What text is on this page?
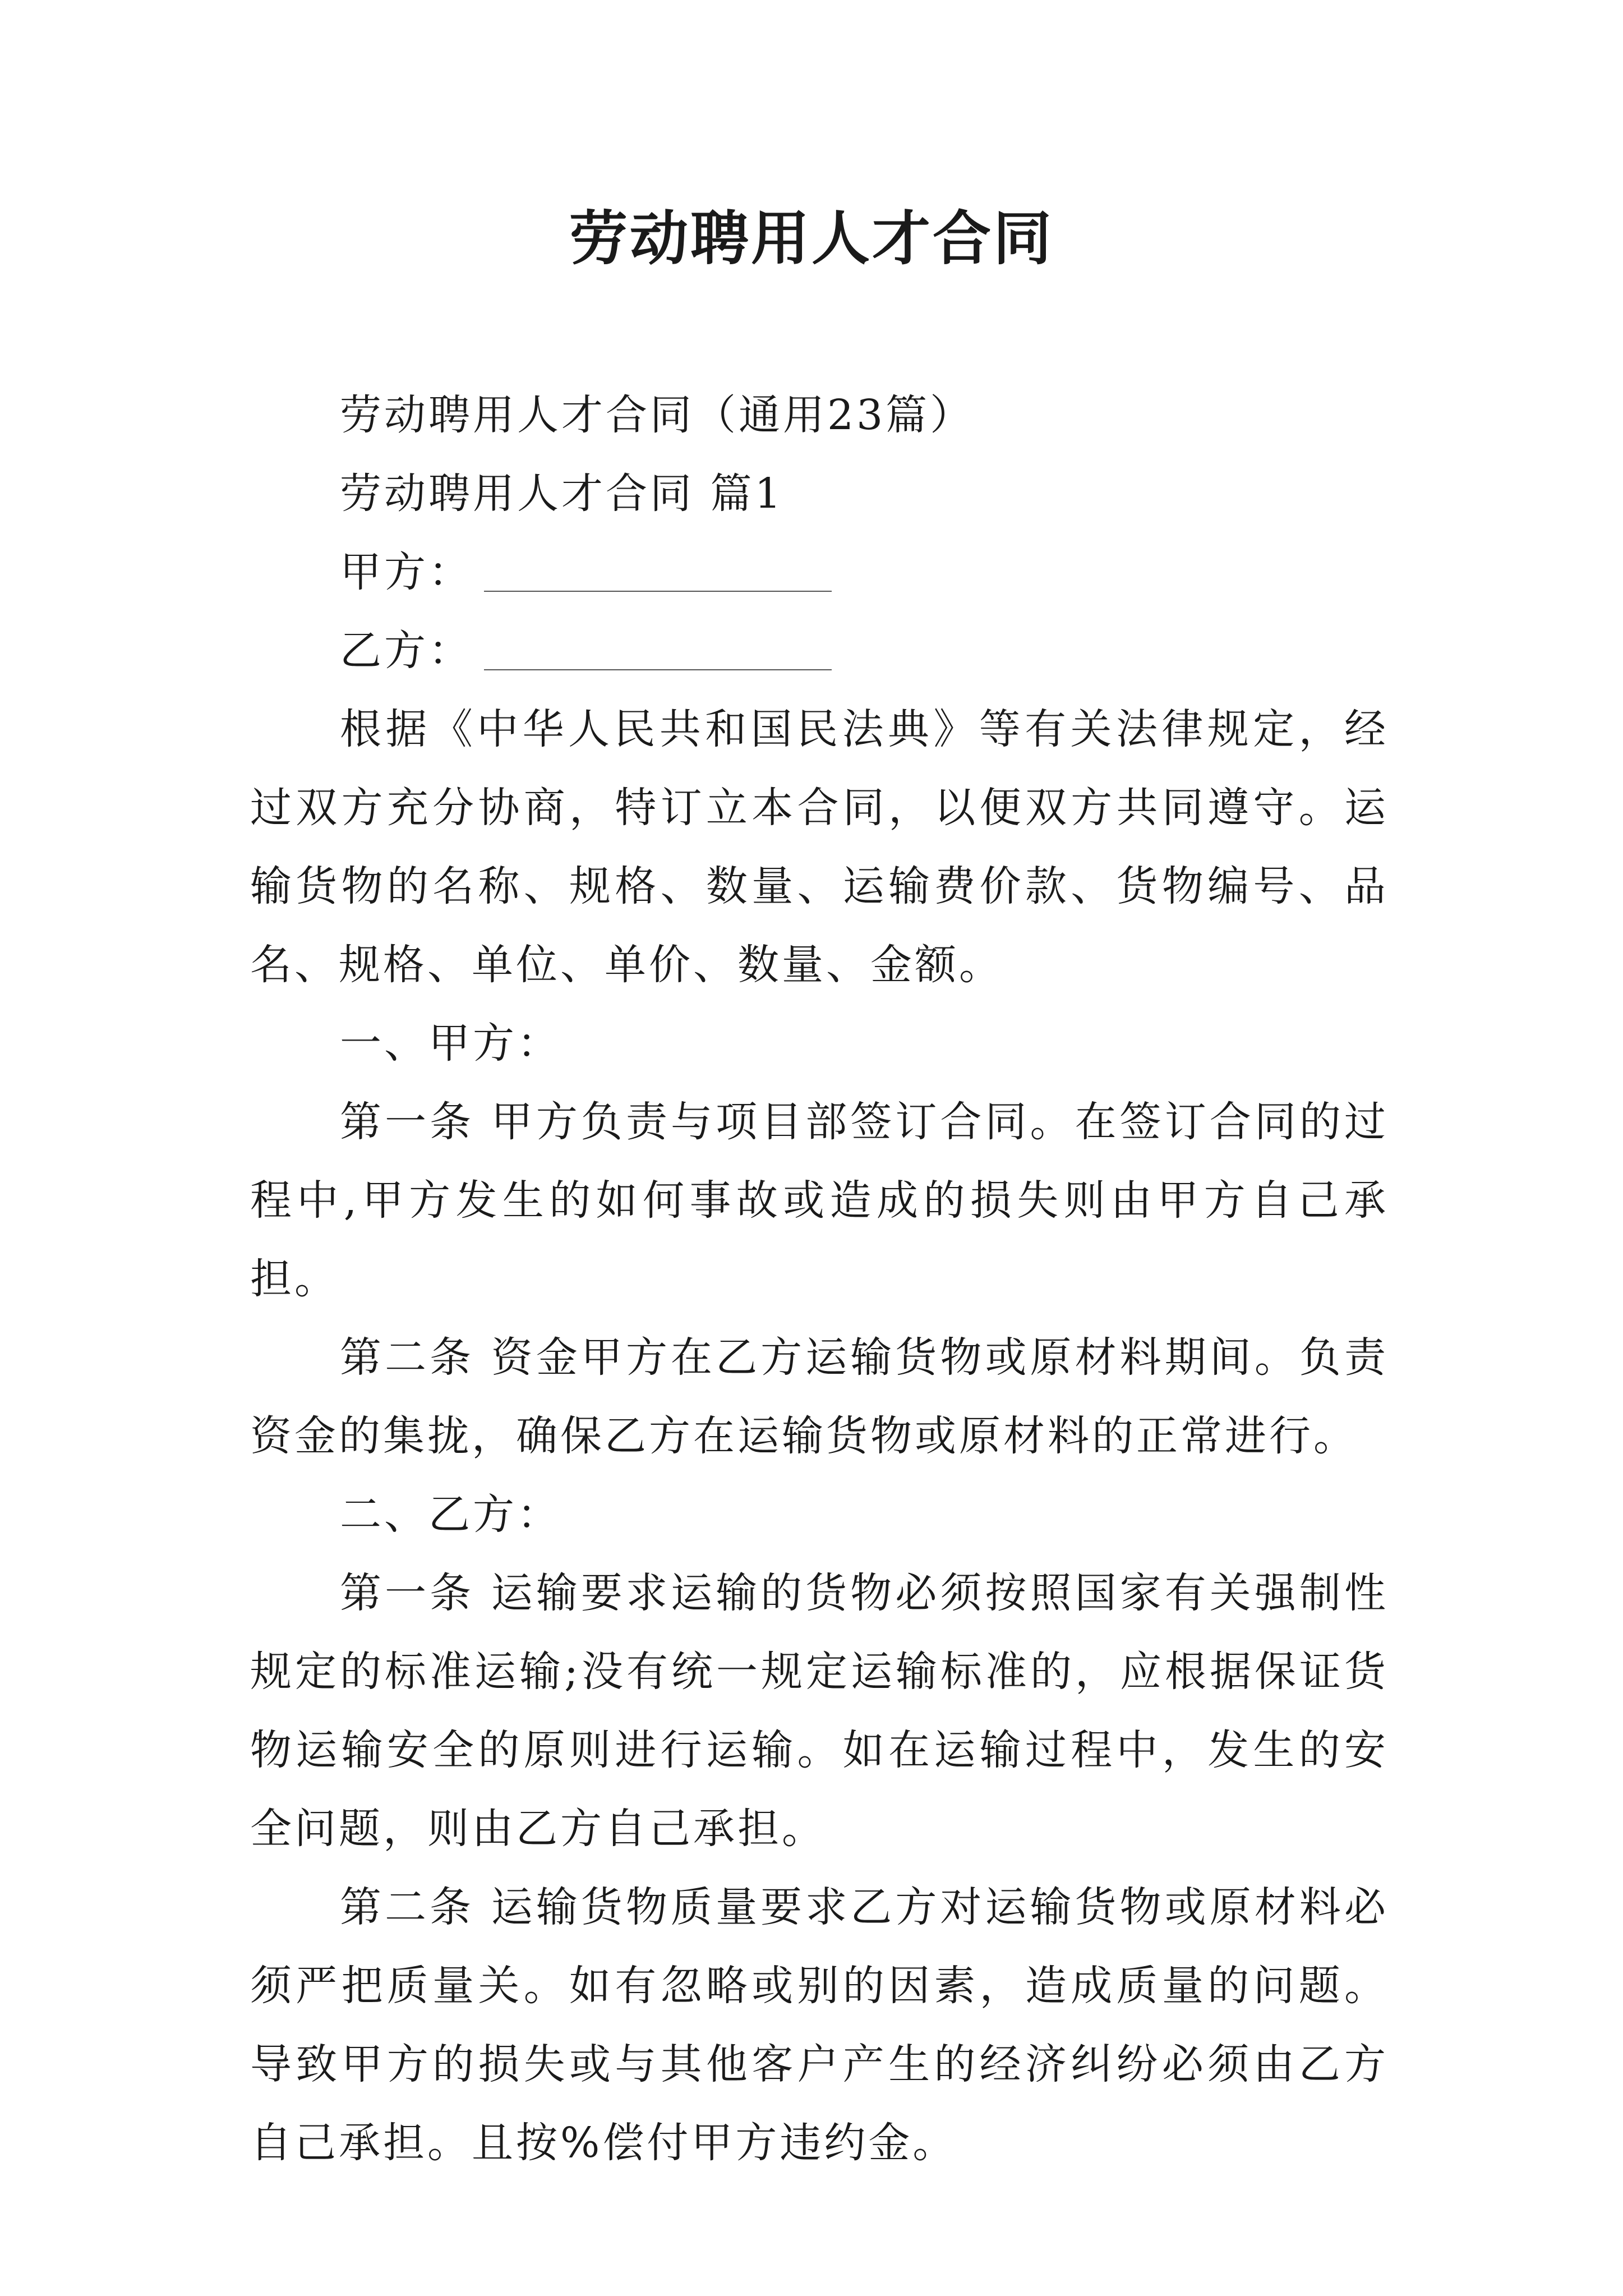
劳动聘用人才合同

劳动聘用人才合同（通用23篇）

劳动聘用人才合同 篇1

甲方：

乙方：

根据《中华人民共和国民法典》等有关法律规定，经过双方充分协商，特订立本合同，以便双方共同遵守。运输货物的名称、规格、数量、运输费价款、货物编号、品名、规格、单位、单价、数量、金额。

一、甲方：

第一条 甲方负责与项目部签订合同。在签订合同的过程中,甲方发生的如何事故或造成的损失则由甲方自己承担。

第二条 资金甲方在乙方运输货物或原材料期间。负责资金的集拢，确保乙方在运输货物或原材料的正常进行。

二、乙方：

第一条 运输要求运输的货物必须按照国家有关强制性规定的标准运输;没有统一规定运输标准的，应根据保证货物运输安全的原则进行运输。如在运输过程中，发生的安全问题，则由乙方自己承担。

第二条 运输货物质量要求乙方对运输货物或原材料必须严把质量关。如有忽略或别的因素，造成质量的问题。导致甲方的损失或与其他客户产生的经济纠纷必须由乙方自己承担。且按%偿付甲方违约金。
